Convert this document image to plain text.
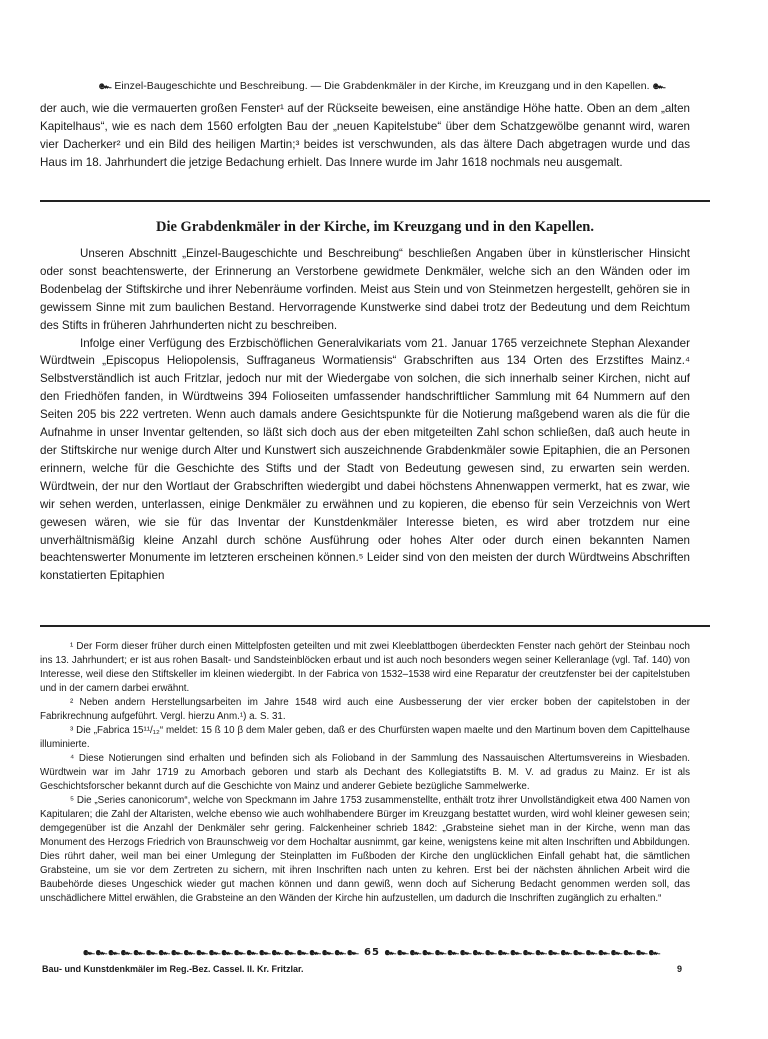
๛ Einzel-Baugeschichte und Beschreibung. — Die Grabdenkmäler in der Kirche, im Kreuzgang und in den Kapellen. ๛

der auch, wie die vermauerten großen Fenster¹ auf der Rückseite beweisen, eine anständige Höhe hatte. Oben an dem „alten Kapitelhaus“, wie es nach dem 1560 erfolgten Bau der „neuen Kapitelstube“ über dem Schatzgewölbe genannt wird, waren vier Dacherker² und ein Bild des heiligen Martin;³ beides ist verschwunden, als das ältere Dach abgetragen wurde und das Haus im 18. Jahrhundert die jetzige Bedachung erhielt. Das Innere wurde im Jahr 1618 nochmals neu ausgemalt.

Die Grabdenkmäler in der Kirche, im Kreuzgang und in den Kapellen.

Unseren Abschnitt „Einzel-Baugeschichte und Beschreibung“ beschließen Angaben über in künstlerischer Hinsicht oder sonst beachtenswerte, der Erinnerung an Verstorbene gewidmete Denkmäler, welche sich an den Wänden oder im Bodenbelag der Stiftskirche und ihrer Nebenräume vorfinden. Meist aus Stein und von Steinmetzen hergestellt, gehören sie in gewissem Sinne mit zum baulichen Bestand. Hervorragende Kunstwerke sind dabei trotz der Bedeutung und dem Reichtum des Stifts in früheren Jahrhunderten nicht zu beschreiben.

Infolge einer Verfügung des Erzbischöflichen Generalvikariats vom 21. Januar 1765 verzeichnete Stephan Alexander Würdtwein „Episcopus Heliopolensis, Suffraganeus Wormatiensis“ Grabschriften aus 134 Orten des Erzstiftes Mainz.⁴ Selbstverständlich ist auch Fritzlar, jedoch nur mit der Wiedergabe von solchen, die sich innerhalb seiner Kirchen, nicht auf den Friedhöfen fanden, in Würdtweins 394 Folioseiten umfassender handschriftlicher Sammlung mit 64 Nummern auf den Seiten 205 bis 222 vertreten. Wenn auch damals andere Gesichtspunkte für die Notierung maßgebend waren als die für die Aufnahme in unser Inventar geltenden, so läßt sich doch aus der eben mitgeteilten Zahl schon schließen, daß auch heute in der Stiftskirche nur wenige durch Alter und Kunstwert sich auszeichnende Grabdenkmäler sowie Epitaphien, die an Personen erinnern, welche für die Geschichte des Stifts und der Stadt von Bedeutung gewesen sind, zu erwarten sein werden. Würdtwein, der nur den Wortlaut der Grabschriften wiedergibt und dabei höchstens Ahnenwappen vermerkt, hat es zwar, wie wir sehen werden, unterlassen, einige Denkmäler zu erwähnen und zu kopieren, die ebenso für sein Verzeichnis von Wert gewesen wären, wie sie für das Inventar der Kunstdenkmäler Interesse bieten, es wird aber trotzdem nur eine unverhältnismäßig kleine Anzahl durch schöne Ausführung oder hohes Alter oder durch einen bekannten Namen beachtenswerter Monumente im letzteren erscheinen können.⁵ Leider sind von den meisten der durch Würdtweins Abschriften konstatierten Epitaphien

¹ Der Form dieser früher durch einen Mittelpfosten geteilten und mit zwei Kleeblattbogen überdeckten Fenster nach gehört der Steinbau noch ins 13. Jahrhundert; er ist aus rohen Basalt- und Sandsteinblöcken erbaut und ist auch noch besonders wegen seiner Kelleranlage (vgl. Taf. 140) von Interesse, weil diese den Stiftskeller im kleinen wiedergibt. In der Fabrica von 1532–1538 wird eine Reparatur der creutzfenster bei der capitelstuben und in der camern darbei erwähnt.

² Neben andern Herstellungsarbeiten im Jahre 1548 wird auch eine Ausbesserung der vier ercker boben der capitelstoben in der Fabrikrechnung aufgeführt. Vergl. hierzu Anm.¹) a. S. 31.

³ Die „Fabrica 15¹¹/₁₂“ meldet: 15 ß 10 β dem Maler geben, daß er des Churfürsten wapen maelte und den Martinum boven dem Capittelhause illuminierte.

⁴ Diese Notierungen sind erhalten und befinden sich als Folioband in der Sammlung des Nassauischen Altertumsvereins in Wiesbaden. Würdtwein war im Jahr 1719 zu Amorbach geboren und starb als Dechant des Kollegiatstifts B. M. V. ad gradus zu Mainz. Er ist als Geschichtsforscher bekannt durch auf die Geschichte von Mainz und anderer Gebiete bezügliche Sammelwerke.

⁵ Die „Series canonicorum“, welche von Speckmann im Jahre 1753 zusammenstellte, enthält trotz ihrer Unvollständigkeit etwa 400 Namen von Kapitularen; die Zahl der Altaristen, welche ebenso wie auch wohlhabendere Bürger im Kreuzgang bestattet wurden, wird wohl kleiner gewesen sein; demgegenüber ist die Anzahl der Denkmäler sehr gering. Falckenheiner schrieb 1842: „Grabsteine siehet man in der Kirche, wenn man das Monument des Herzogs Friedrich von Braunschweig vor dem Hochaltar ausnimmt, gar keine, wenigstens keine mit alten Inschriften und Abbildungen. Dies rührt daher, weil man bei einer Umlegung der Steinplatten im Fußboden der Kirche den unglücklichen Einfall gehabt hat, die sämtlichen Grabsteine, um sie vor dem Zertreten zu sichern, mit ihren Inschriften nach unten zu kehren. Erst bei der nächsten ähnlichen Arbeit wird die Baubehörde dieses Ungeschick wieder gut machen können und dann gewiß, wenn doch auf Sicherung Bedacht genommen werden soll, das unschädlichere Mittel erwählen, die Grabsteine an den Wänden der Kirche hin aufzustellen, um dadurch die Inschriften zugänglich zu erhalten.“

๛๛๛๛๛๛๛๛๛๛๛๛๛๛๛๛๛๛๛๛๛๛ 65 ๛๛๛๛๛๛๛๛๛๛๛๛๛๛๛๛๛๛๛๛๛๛
Bau- und Kunstdenkmäler im Reg.-Bez. Cassel. II. Kr. Fritzlar.	9
